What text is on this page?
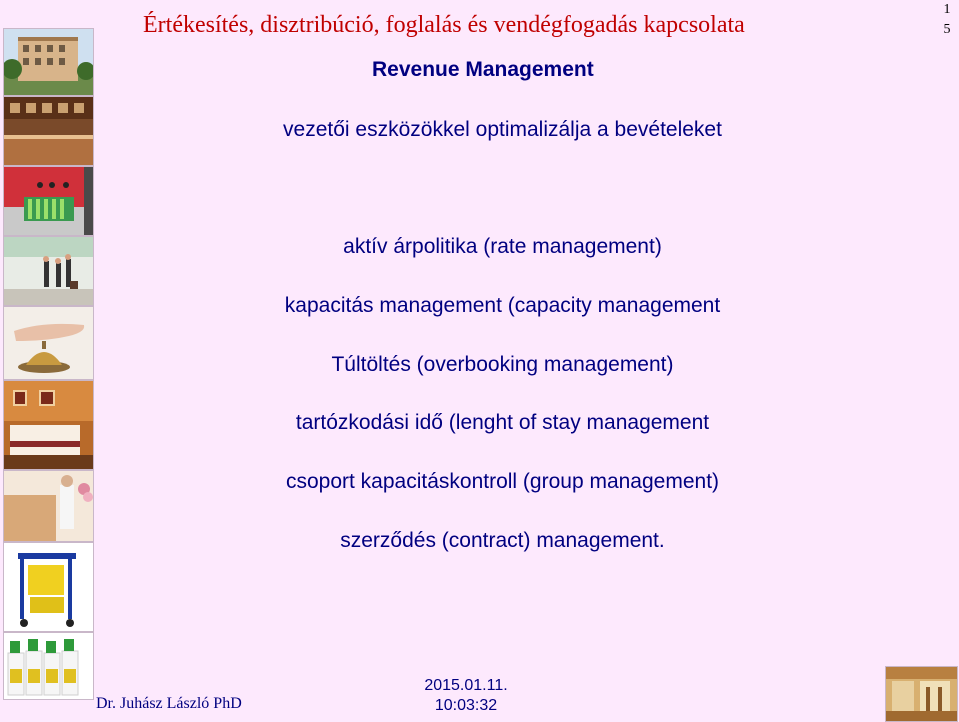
Értékesítés, disztribúció, foglalás és vendégfogadás kapcsolata
1
5
Revenue Management
vezetői eszközökkel optimalizálja a bevételeket
aktív árpolitika (rate management)
kapacitás management (capacity management
Túltöltés (overbooking management)
tartózkodási idő (lenght of stay management
csoport kapacitáskontroll (group management)
szerződés (contract) management.
Dr. Juhász László PhD
2015.01.11.
10:03:32
